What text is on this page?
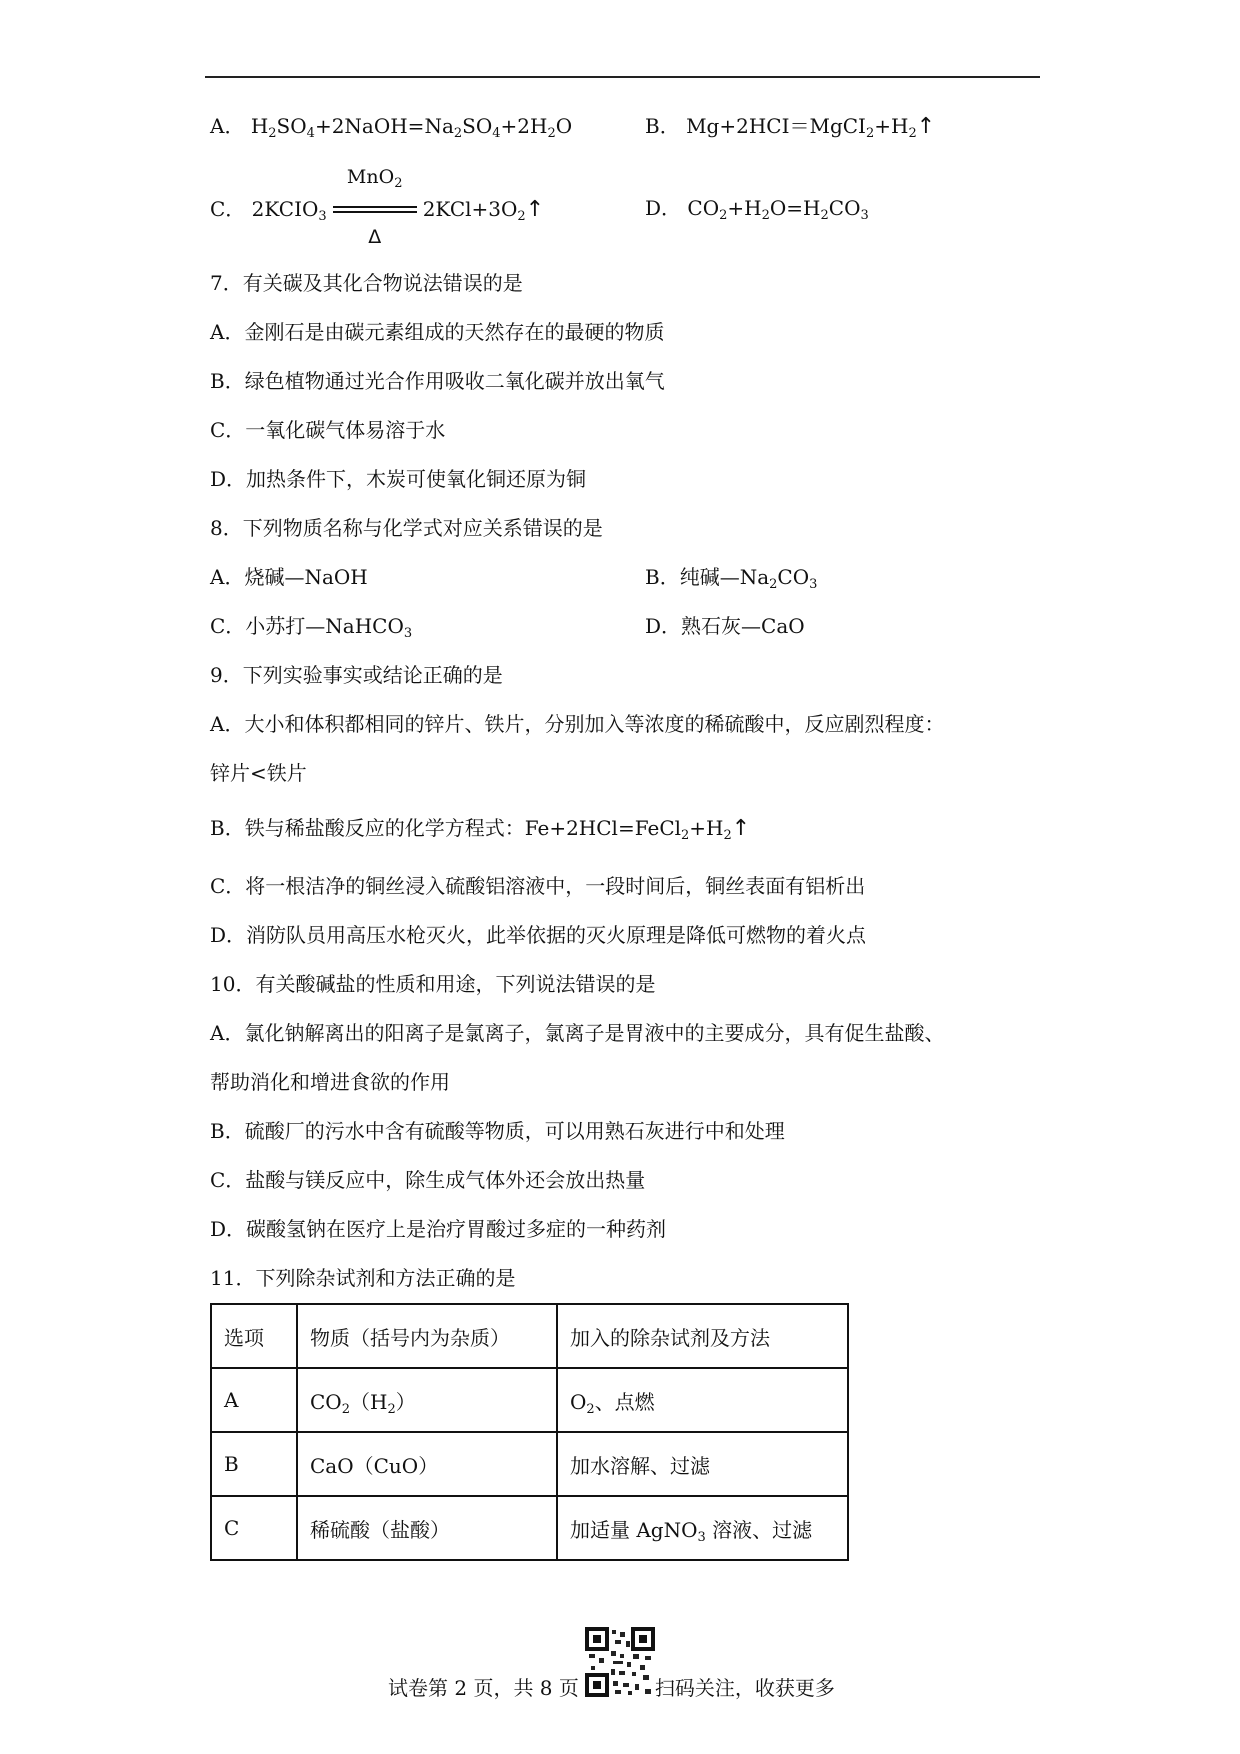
A． $H_2SO_4+2NaOH=Na_2SO_4+2H_2O$	B． $Mg+2HCI=MgCI_2+H_2↑$
C． $2KCIO_3$
MnO$_2$
Δ
$2KCl+3O_2↑$	D． $CO_2+H_2O=H_2CO_3$
7．有关碳及其化合物说法错误的是
A．金刚石是由碳元素组成的天然存在的最硬的物质
B．绿色植物通过光合作用吸收二氧化碳并放出氧气
C．一氧化碳气体易溶于水
D．加热条件下，木炭可使氧化铜还原为铜
8．下列物质名称与化学式对应关系错误的是
A．烧碱—NaOH	B．纯碱$—Na_2CO_3$
C．小苏打—NaHCO$_3$	D．熟石灰—CaO
9．下列实验事实或结论正确的是
A．大小和体积都相同的锌片、铁片，分别加入等浓度的稀硫酸中，反应剧烈程度：
锌片<铁片
B．铁与稀盐酸反应的化学方程式：$Fe+2HCl=FeCl_2+H_2↑$
C．将一根洁净的铜丝浸入硫酸铝溶液中，一段时间后，铜丝表面有铝析出
D．消防队员用高压水枪灭火，此举依据的灭火原理是降低可燃物的着火点
10．有关酸碱盐的性质和用途，下列说法错误的是
A．氯化钠解离出的阳离子是氯离子，氯离子是胃液中的主要成分，具有促生盐酸、
帮助消化和增进食欲的作用
B．硫酸厂的污水中含有硫酸等物质，可以用熟石灰进行中和处理
C．盐酸与镁反应中，除生成气体外还会放出热量
D．碳酸氢钠在医疗上是治疗胃酸过多症的一种药剂
11．下列除杂试剂和方法正确的是
选项	物质（括号内为杂质）	加入的除杂试剂及方法
A	$CO_2(H_2)$	$O_2$、点燃
B	CaO（CuO）	加水溶解、过滤
C	稀硫酸（盐酸）	加适量 AgNO$_3$ 溶液、过滤
试卷第 2 页，共 8 页	扫码关注，收获更多
